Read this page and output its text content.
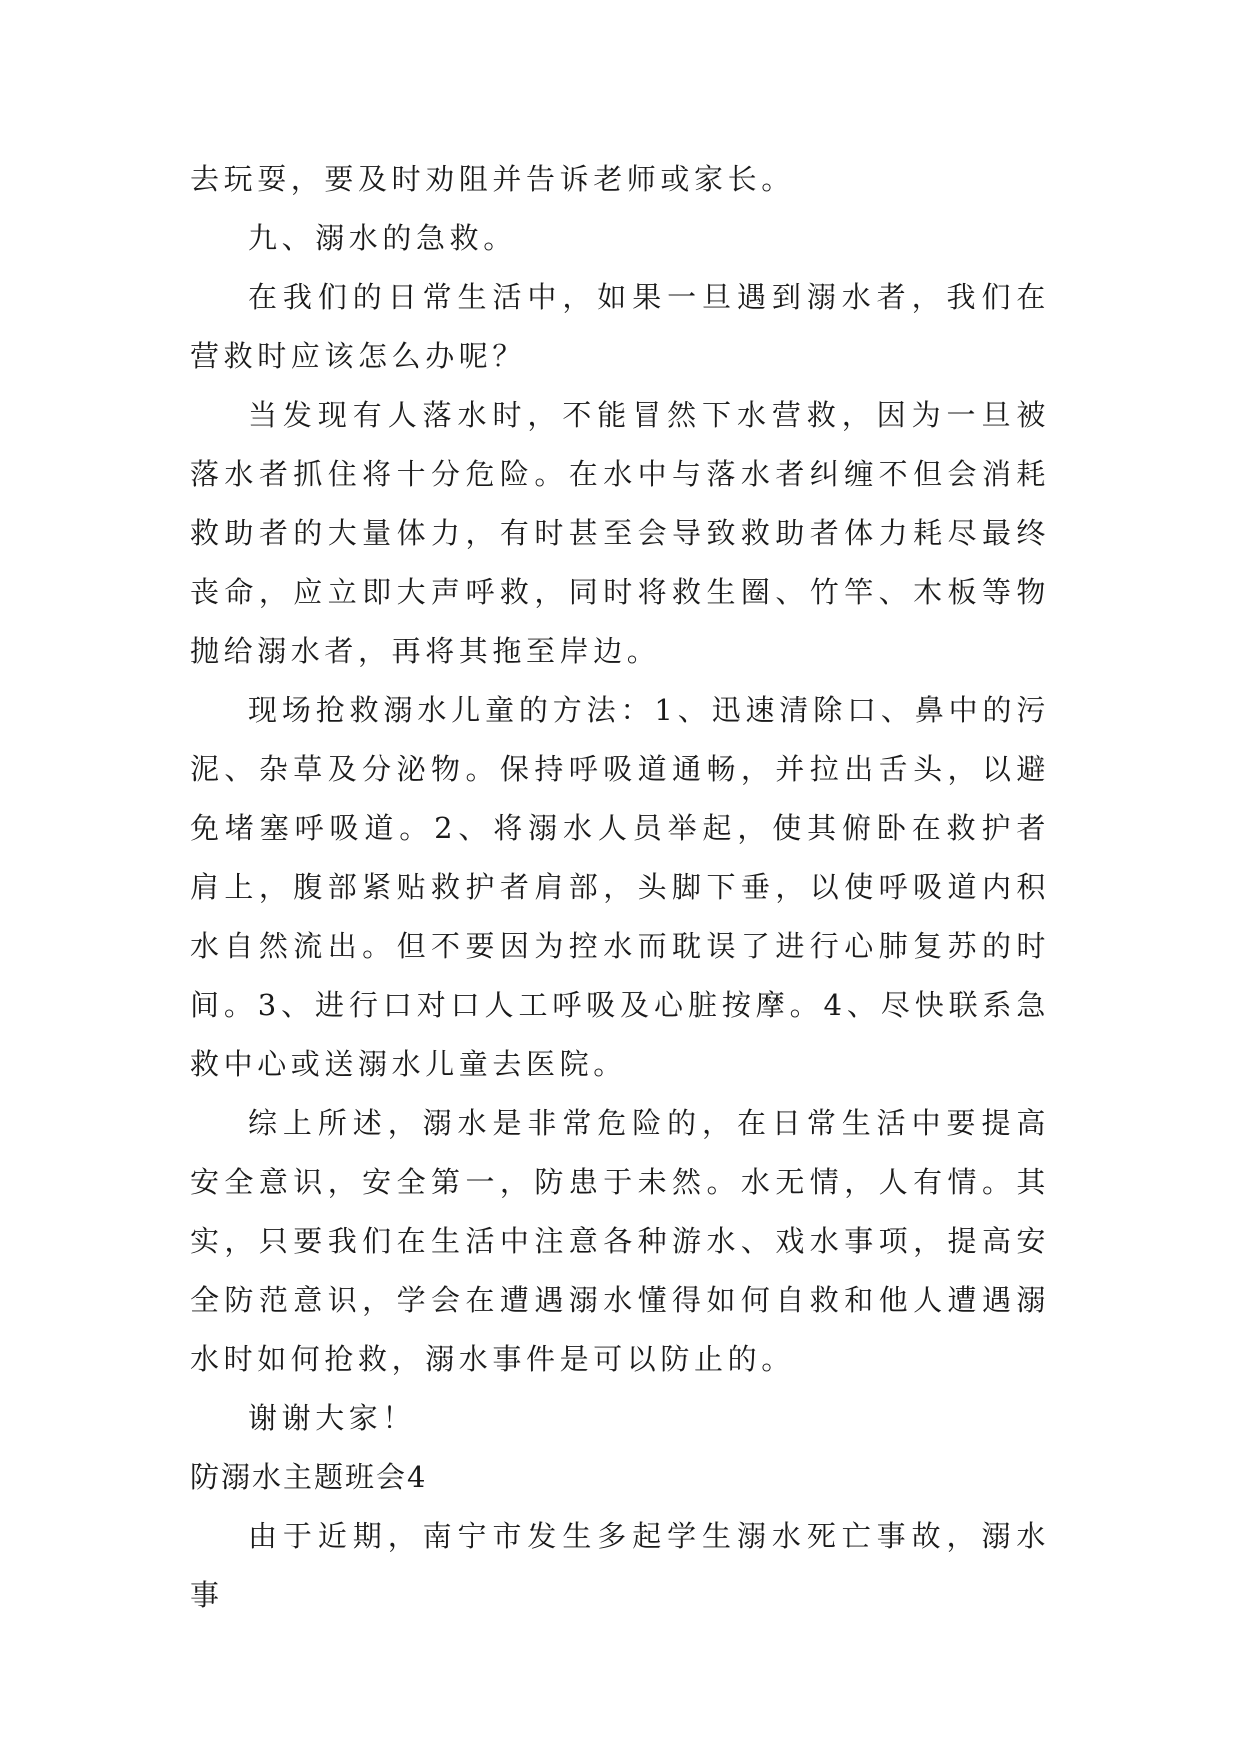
去玩耍，要及时劝阻并告诉老师或家长。

九、溺水的急救。

在我们的日常生活中，如果一旦遇到溺水者，我们在营救时应该怎么办呢？

当发现有人落水时，不能冒然下水营救，因为一旦被落水者抓住将十分危险。在水中与落水者纠缠不但会消耗救助者的大量体力，有时甚至会导致救助者体力耗尽最终丧命，应立即大声呼救，同时将救生圈、竹竿、木板等物抛给溺水者，再将其拖至岸边。

现场抢救溺水儿童的方法：1、迅速清除口、鼻中的污泥、杂草及分泌物。保持呼吸道通畅，并拉出舌头，以避免堵塞呼吸道。2、将溺水人员举起，使其俯卧在救护者肩上，腹部紧贴救护者肩部，头脚下垂，以使呼吸道内积水自然流出。但不要因为控水而耽误了进行心肺复苏的时间。3、进行口对口人工呼吸及心脏按摩。4、尽快联系急救中心或送溺水儿童去医院。

综上所述，溺水是非常危险的，在日常生活中要提高安全意识，安全第一，防患于未然。水无情，人有情。其实，只要我们在生活中注意各种游水、戏水事项，提高安全防范意识，学会在遭遇溺水懂得如何自救和他人遭遇溺水时如何抢救，溺水事件是可以防止的。

谢谢大家！

防溺水主题班会4

由于近期，南宁市发生多起学生溺水死亡事故，溺水事
